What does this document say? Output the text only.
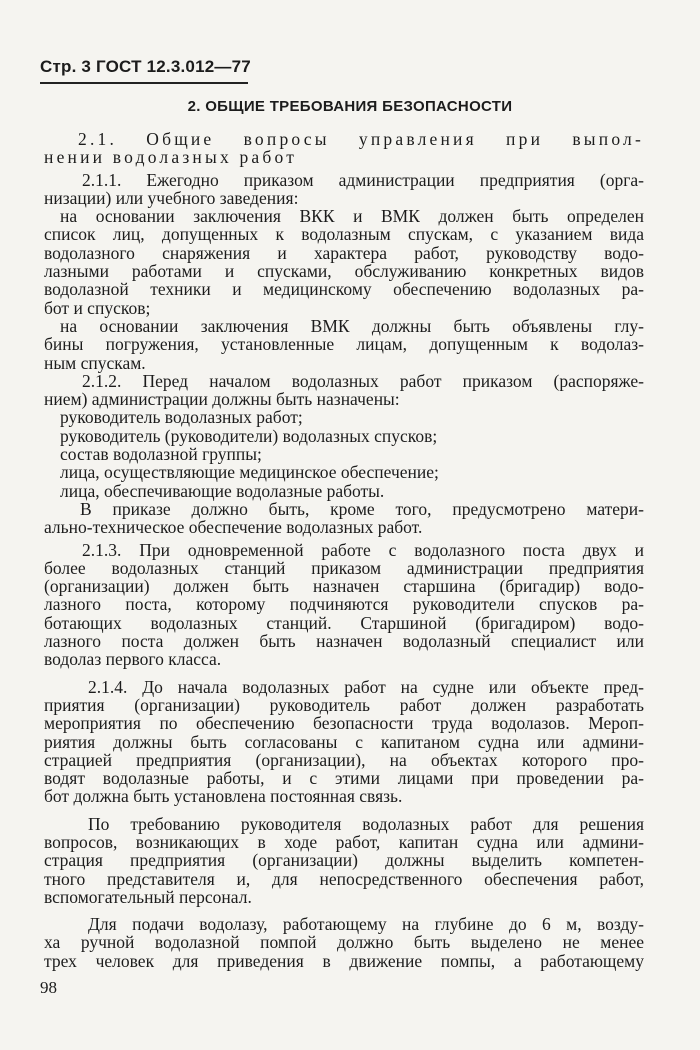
Стр. 3 ГОСТ 12.3.012—77
2. ОБЩИЕ ТРЕБОВАНИЯ БЕЗОПАСНОСТИ
2.1. Общие вопросы управления при выпол-
нении водолазных работ
2.1.1. Ежегодно приказом администрации предприятия (орга-
низации) или учебного заведения:
на основании заключения ВКК и ВМК должен быть определен
список лиц, допущенных к водолазным спускам, с указанием вида
водолазного снаряжения и характера работ, руководству водо-
лазными работами и спусками, обслуживанию конкретных видов
водолазной техники и медицинскому обеспечению водолазных ра-
бот и спусков;
на основании заключения ВМК должны быть объявлены глу-
бины погружения, установленные лицам, допущенным к водолаз-
ным спускам.
2.1.2. Перед началом водолазных работ приказом (распоряже-
нием) администрации должны быть назначены:
руководитель водолазных работ;
руководитель (руководители) водолазных спусков;
состав водолазной группы;
лица, осуществляющие медицинское обеспечение;
лица, обеспечивающие водолазные работы.
В приказе должно быть, кроме того, предусмотрено матери-
ально-техническое обеспечение водолазных работ.
2.1.3. При одновременной работе с водолазного поста двух и
более водолазных станций приказом администрации предприятия
(организации) должен быть назначен старшина (бригадир) водо-
лазного поста, которому подчиняются руководители спусков ра-
ботающих водолазных станций. Старшиной (бригадиром) водо-
лазного поста должен быть назначен водолазный специалист или
водолаз первого класса.
2.1.4. До начала водолазных работ на судне или объекте пред-
приятия (организации) руководитель работ должен разработать
мероприятия по обеспечению безопасности труда водолазов. Мероп-
риятия должны быть согласованы с капитаном судна или админи-
страцией предприятия (организации), на объектах которого про-
водят водолазные работы, и с этими лицами при проведении ра-
бот должна быть установлена постоянная связь.
По требованию руководителя водолазных работ для решения
вопросов, возникающих в ходе работ, капитан судна или админи-
страция предприятия (организации) должны выделить компетен-
тного представителя и, для непосредственного обеспечения работ,
вспомогательный персонал.
Для подачи водолазу, работающему на глубине до 6 м, возду-
ха ручной водолазной помпой должно быть выделено не менее
трех человек для приведения в движение помпы, а работающему
98
